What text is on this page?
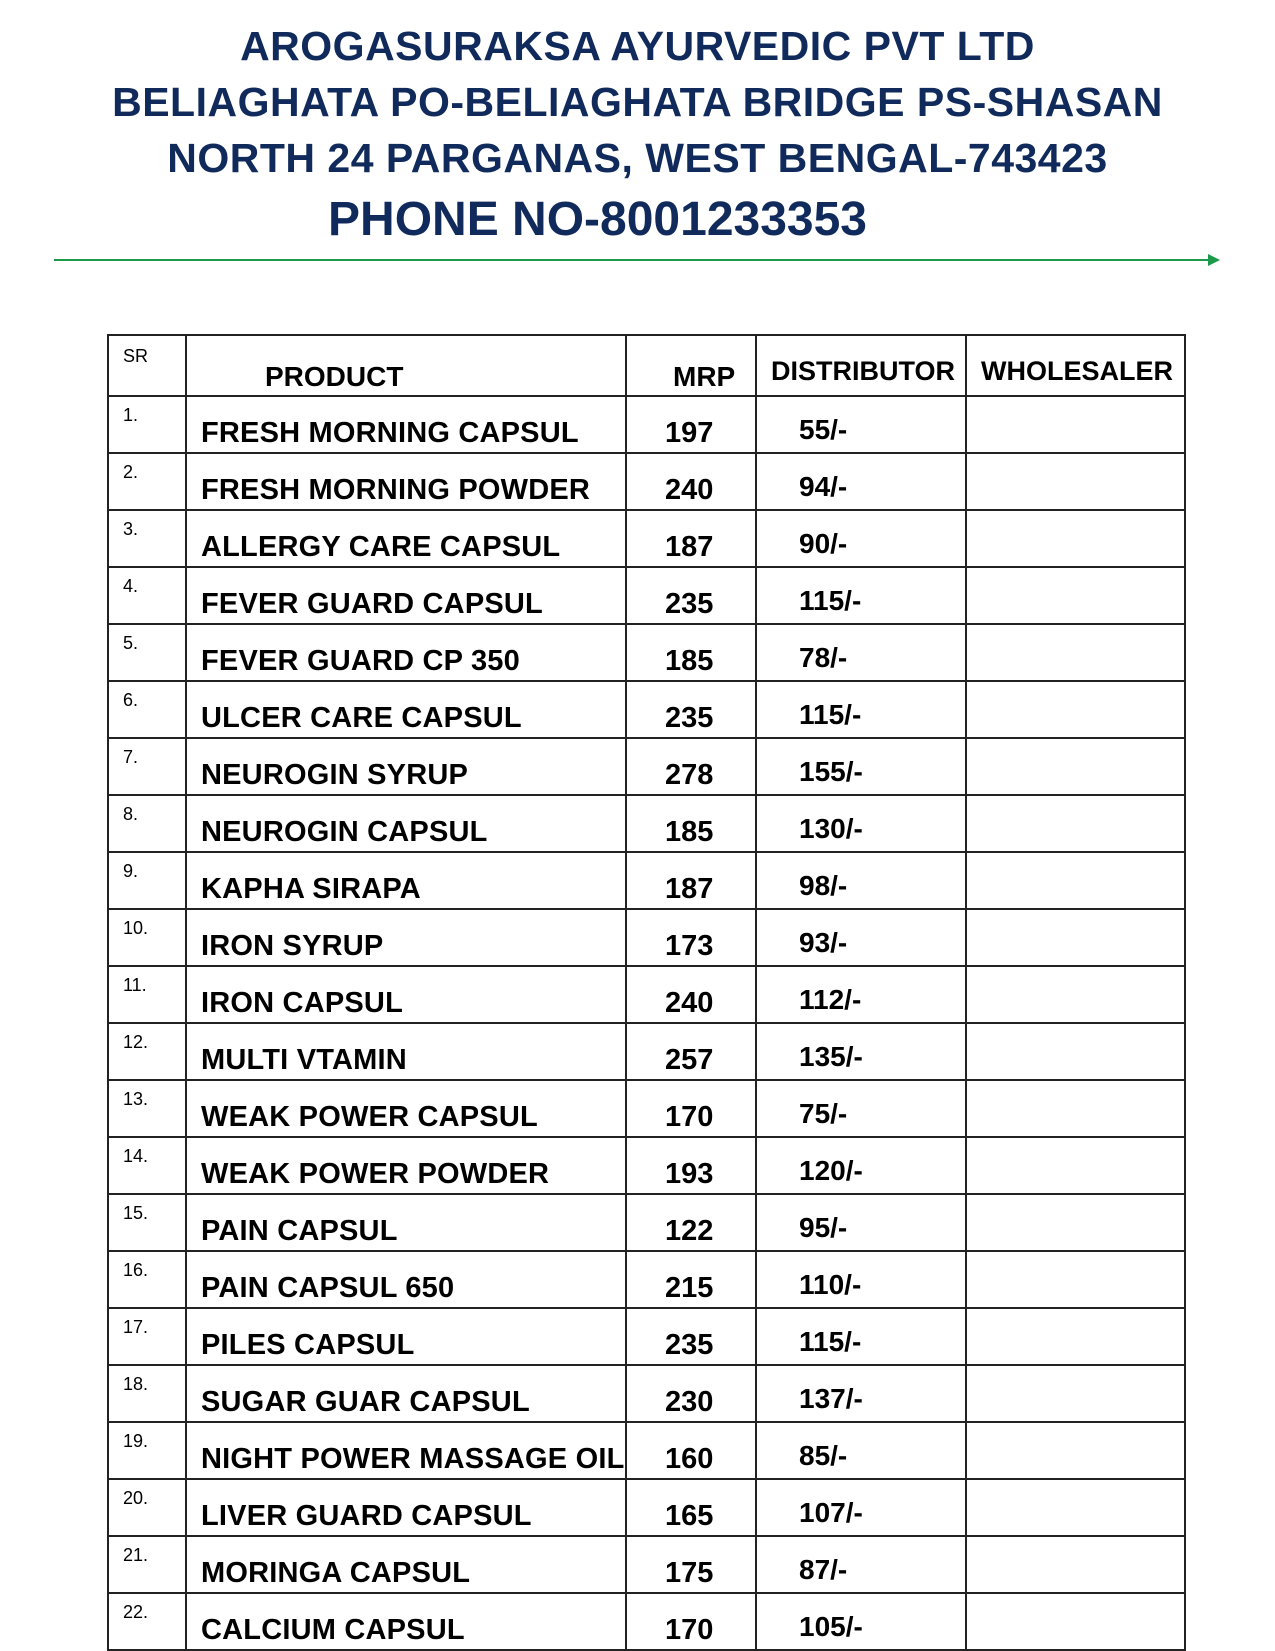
AROGASURAKSA AYURVEDIC PVT LTD
BELIAGHATA PO-BELIAGHATA BRIDGE PS-SHASAN
NORTH 24 PARGANAS, WEST BENGAL-743423
PHONE NO-8001233353
SR	PRODUCT	MRP	DISTRIBUTOR	WHOLESALER
1.	FRESH MORNING CAPSUL	197	55/-	
2.	FRESH MORNING POWDER	240	94/-	
3.	ALLERGY CARE CAPSUL	187	90/-	
4.	FEVER GUARD CAPSUL	235	115/-	
5.	FEVER GUARD CP 350	185	78/-	
6.	ULCER CARE CAPSUL	235	115/-	
7.	NEUROGIN SYRUP	278	155/-	
8.	NEUROGIN CAPSUL	185	130/-	
9.	KAPHA SIRAPA	187	98/-	
10.	IRON SYRUP	173	93/-	
11.	IRON CAPSUL	240	112/-	
12.	MULTI VTAMIN	257	135/-	
13.	WEAK POWER CAPSUL	170	75/-	
14.	WEAK POWER POWDER	193	120/-	
15.	PAIN CAPSUL	122	95/-	
16.	PAIN CAPSUL 650	215	110/-	
17.	PILES CAPSUL	235	115/-	
18.	SUGAR GUAR CAPSUL	230	137/-	
19.	NIGHT POWER MASSAGE OIL	160	85/-	
20.	LIVER GUARD CAPSUL	165	107/-	
21.	MORINGA CAPSUL	175	87/-	
22.	CALCIUM CAPSUL	170	105/-	
